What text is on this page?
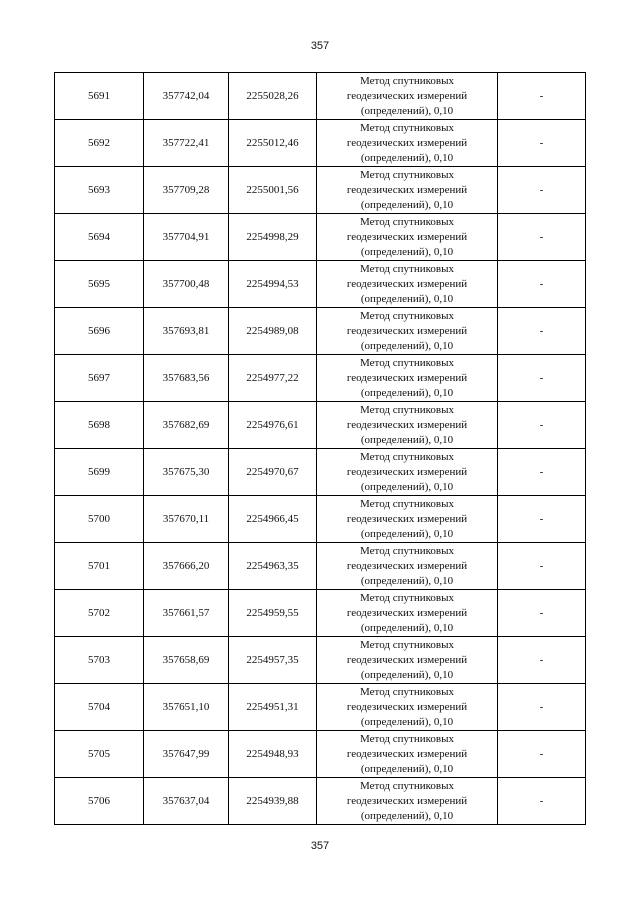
357
5691	357742,04	2255028,26	Метод спутниковых
геодезических измерений
(определений), 0,10	-
5692	357722,41	2255012,46	Метод спутниковых
геодезических измерений
(определений), 0,10	-
5693	357709,28	2255001,56	Метод спутниковых
геодезических измерений
(определений), 0,10	-
5694	357704,91	2254998,29	Метод спутниковых
геодезических измерений
(определений), 0,10	-
5695	357700,48	2254994,53	Метод спутниковых
геодезических измерений
(определений), 0,10	-
5696	357693,81	2254989,08	Метод спутниковых
геодезических измерений
(определений), 0,10	-
5697	357683,56	2254977,22	Метод спутниковых
геодезических измерений
(определений), 0,10	-
5698	357682,69	2254976,61	Метод спутниковых
геодезических измерений
(определений), 0,10	-
5699	357675,30	2254970,67	Метод спутниковых
геодезических измерений
(определений), 0,10	-
5700	357670,11	2254966,45	Метод спутниковых
геодезических измерений
(определений), 0,10	-
5701	357666,20	2254963,35	Метод спутниковых
геодезических измерений
(определений), 0,10	-
5702	357661,57	2254959,55	Метод спутниковых
геодезических измерений
(определений), 0,10	-
5703	357658,69	2254957,35	Метод спутниковых
геодезических измерений
(определений), 0,10	-
5704	357651,10	2254951,31	Метод спутниковых
геодезических измерений
(определений), 0,10	-
5705	357647,99	2254948,93	Метод спутниковых
геодезических измерений
(определений), 0,10	-
5706	357637,04	2254939,88	Метод спутниковых
геодезических измерений
(определений), 0,10	-
357
